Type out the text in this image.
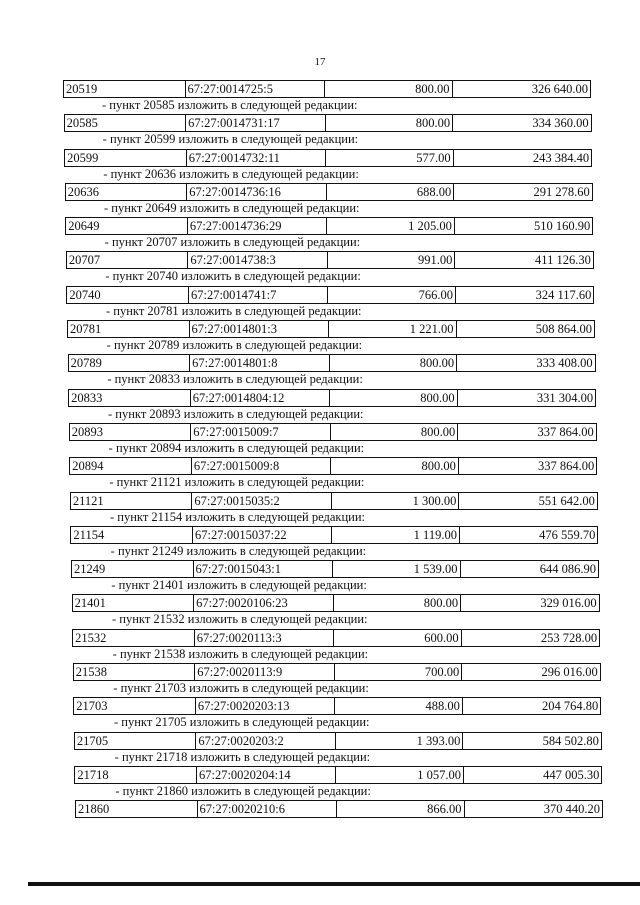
17
20519	67:27:0014725:5	800.00	326 640.00
- пункт 20585 изложить в следующей редакции:
20585	67:27:0014731:17	800.00	334 360.00
- пункт 20599 изложить в следующей редакции:
20599	67:27:0014732:11	577.00	243 384.40
- пункт 20636 изложить в следующей редакции:
20636	67:27:0014736:16	688.00	291 278.60
- пункт 20649 изложить в следующей редакции:
20649	67:27:0014736:29	1 205.00	510 160.90
- пункт 20707 изложить в следующей редакции:
20707	67:27:0014738:3	991.00	411 126.30
- пункт 20740 изложить в следующей редакции:
20740	67:27:0014741:7	766.00	324 117.60
- пункт 20781 изложить в следующей редакции:
20781	67:27:0014801:3	1 221.00	508 864.00
- пункт 20789 изложить в следующей редакции:
20789	67:27:0014801:8	800.00	333 408.00
- пункт 20833 изложить в следующей редакции:
20833	67:27:0014804:12	800.00	331 304.00
- пункт 20893 изложить в следующей редакции:
20893	67:27:0015009:7	800.00	337 864.00
- пункт 20894 изложить в следующей редакции:
20894	67:27:0015009:8	800.00	337 864.00
- пункт 21121 изложить в следующей редакции:
21121	67:27:0015035:2	1 300.00	551 642.00
- пункт 21154 изложить в следующей редакции:
21154	67:27:0015037:22	1 119.00	476 559.70
- пункт 21249 изложить в следующей редакции:
21249	67:27:0015043:1	1 539.00	644 086.90
- пункт 21401 изложить в следующей редакции:
21401	67:27:0020106:23	800.00	329 016.00
- пункт 21532 изложить в следующей редакции:
21532	67:27:0020113:3	600.00	253 728.00
- пункт 21538 изложить в следующей редакции:
21538	67:27:0020113:9	700.00	296 016.00
- пункт 21703 изложить в следующей редакции:
21703	67:27:0020203:13	488.00	204 764.80
- пункт 21705 изложить в следующей редакции:
21705	67:27:0020203:2	1 393.00	584 502.80
- пункт 21718 изложить в следующей редакции:
21718	67:27:0020204:14	1 057.00	447 005.30
- пункт 21860 изложить в следующей редакции:
21860	67:27:0020210:6	866.00	370 440.20
